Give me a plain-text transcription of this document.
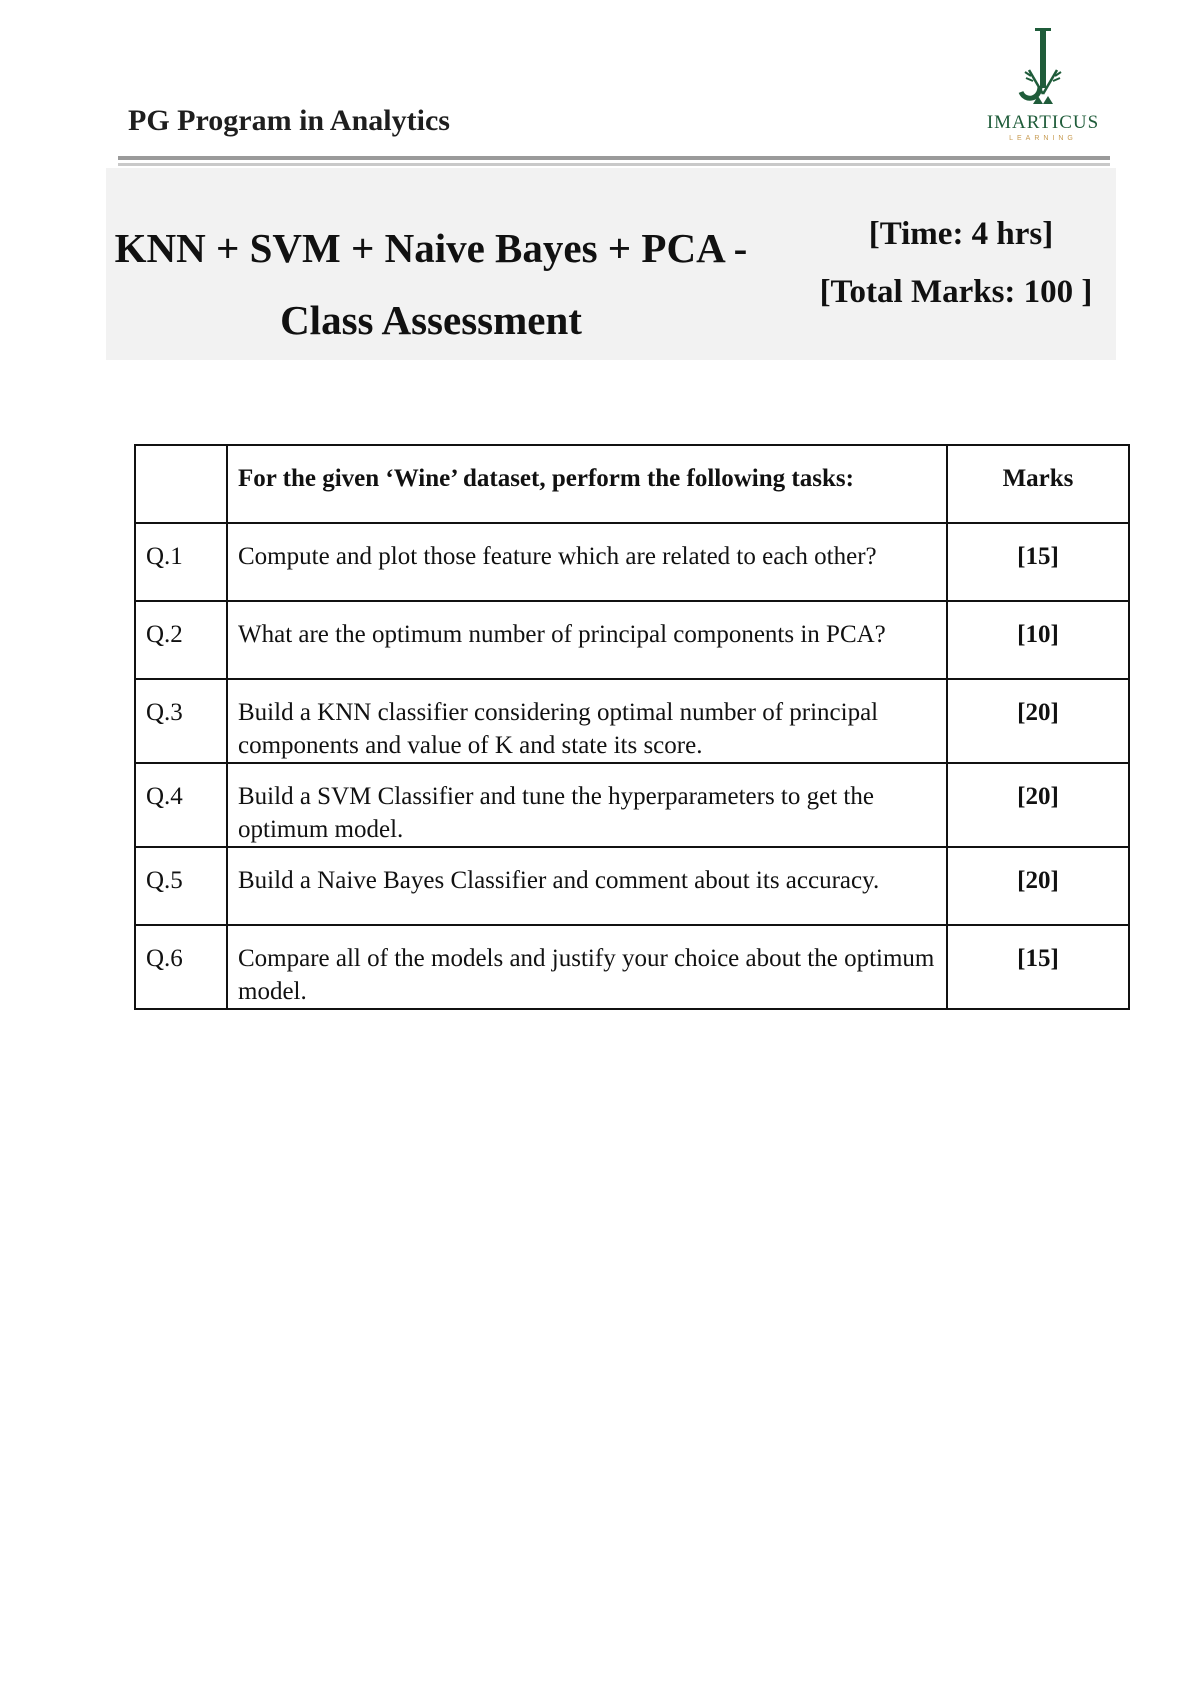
PG Program in Analytics	IMARTICUS
LEARNING
KNN + SVM + Naive Bayes + PCA -
Class Assessment
[Time: 4 hrs]
[Total Marks: 100 ]
	For the given ‘Wine’ dataset, perform the following tasks:	Marks
Q.1	Compute and plot those feature which are related to each other?	[15]
Q.2	What are the optimum number of principal components in PCA?	[10]
Q.3	Build a KNN classifier considering optimal number of principal components and value of K and state its score.	[20]
Q.4	Build a SVM Classifier and tune the hyperparameters to get the optimum model.	[20]
Q.5	Build a Naive Bayes Classifier and comment about its accuracy.	[20]
Q.6	Compare all of the models and justify your choice about the optimum model.	[15]
